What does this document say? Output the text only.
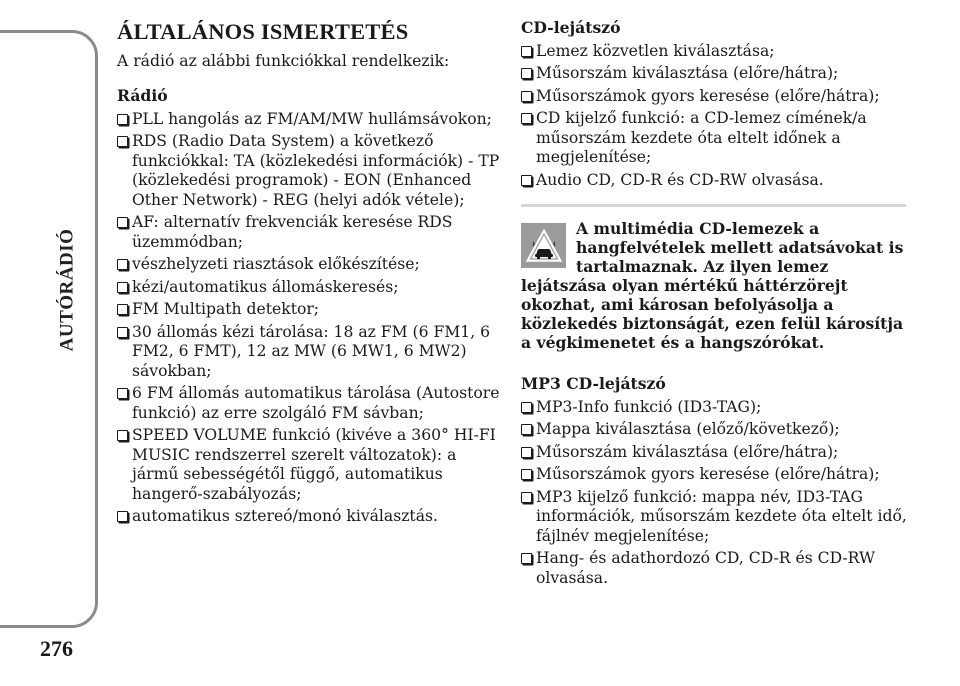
AUTÓRÁDIÓ
276
ÁLTALÁNOS ISMERTETÉS

A rádió az alábbi funkciókkal rendelkezik:

Rádió
PLL hangolás az FM/AM/MW hullámsávokon;
RDS (Radio Data System) a következő funkciókkal: TA (közlekedési információk) - TP (közlekedési programok) - EON (Enhanced Other Network) - REG (helyi adók vétele);
AF: alternatív frekvenciák keresése RDS üzemmódban;
vészhelyzeti riasztások előkészítése;
kézi/automatikus állomáskeresés;
FM Multipath detektor;
30 állomás kézi tárolása: 18 az FM (6 FM1, 6 FM2, 6 FMT), 12 az MW (6 MW1, 6 MW2) sávokban;
6 FM állomás automatikus tárolása (Autostore funkció) az erre szolgáló FM sávban;
SPEED VOLUME funkció (kivéve a 360° HI-FI MUSIC rendszerrel szerelt változatok): a jármű sebességétől függő, automatikus hangerő-szabályozás;
automatikus sztereó/monó kiválasztás.
CD-lejátszó
Lemez közvetlen kiválasztása;
Műsorszám kiválasztása (előre/hátra);
Műsorszámok gyors keresése (előre/hátra);
CD kijelző funkció: a CD-lemez címének/a műsorszám kezdete óta eltelt időnek a megjelenítése;
Audio CD, CD-R és CD-RW olvasása.
A multimédia CD-lemezek a hangfelvételek mellett adatsávokat is tartalmaznak. Az ilyen lemez lejátszása olyan mértékű háttérzörejt okozhat, ami károsan befolyásolja a közlekedés biztonságát, ezen felül károsítja a végkimenetet és a hangszórókat.
MP3 CD-lejátszó
MP3-Info funkció (ID3-TAG);
Mappa kiválasztása (előző/következő);
Műsorszám kiválasztása (előre/hátra);
Műsorszámok gyors keresése (előre/hátra);
MP3 kijelző funkció: mappa név, ID3-TAG információk, műsorszám kezdete óta eltelt idő, fájlnév megjelenítése;
Hang- és adathordozó CD, CD-R és CD-RW olvasása.
